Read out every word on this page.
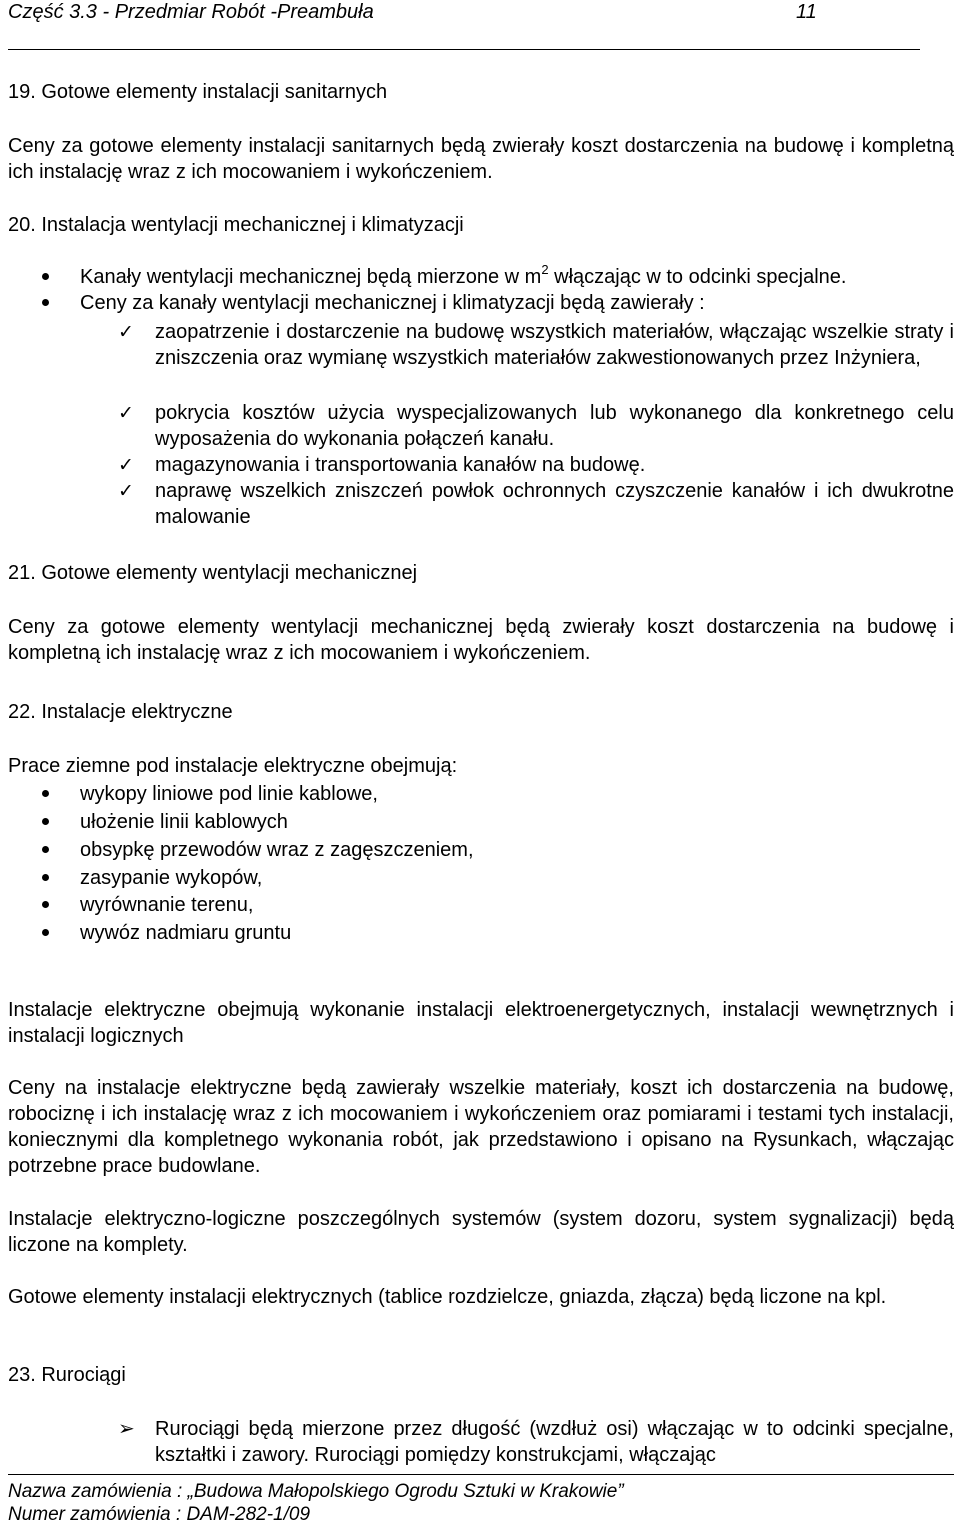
Część 3.3 - Przedmiar Robót -Preambuła	11
19. Gotowe elementy instalacji sanitarnych
Ceny za gotowe elementy instalacji sanitarnych będą zwierały koszt dostarczenia na budowę i kompletną ich instalację wraz z ich mocowaniem i wykończeniem.
20. Instalacja wentylacji mechanicznej i klimatyzacji
Kanały wentylacji mechanicznej będą mierzone w $m^2$ włączając w to odcinki specjalne.
Ceny za kanały wentylacji mechanicznej i klimatyzacji będą zawierały :
✓ zaopatrzenie i dostarczenie na budowę wszystkich materiałów, włączając wszelkie straty i zniszczenia oraz wymianę wszystkich materiałów zakwestionowanych przez Inżyniera,
✓ pokrycia kosztów użycia wyspecjalizowanych lub wykonanego dla konkretnego celu wyposażenia do wykonania połączeń kanału.
✓ magazynowania i transportowania kanałów na budowę.
✓ naprawę wszelkich zniszczeń powłok ochronnych czyszczenie kanałów i ich dwukrotne malowanie
21. Gotowe elementy wentylacji mechanicznej
Ceny za gotowe elementy wentylacji mechanicznej będą zwierały koszt dostarczenia na budowę i kompletną ich instalację wraz z ich mocowaniem i wykończeniem.
22. Instalacje elektryczne
Prace ziemne pod instalacje elektryczne obejmują:
wykopy liniowe pod linie kablowe,
ułożenie linii kablowych
obsypkę przewodów wraz z zagęszczeniem,
zasypanie wykopów,
wyrównanie terenu,
wywóz nadmiaru gruntu
Instalacje elektryczne obejmują wykonanie instalacji elektroenergetycznych, instalacji wewnętrznych i instalacji logicznych
Ceny na instalacje elektryczne będą zawierały wszelkie materiały, koszt ich dostarczenia na budowę, robociznę i ich instalację wraz z ich mocowaniem i wykończeniem oraz pomiarami i testami tych instalacji, koniecznymi dla kompletnego wykonania robót, jak przedstawiono i opisano na Rysunkach, włączając potrzebne prace budowlane.
Instalacje elektryczno-logiczne poszczególnych systemów (system dozoru, system sygnalizacji) będą liczone na komplety.
Gotowe elementy instalacji elektrycznych (tablice rozdzielcze, gniazda, złącza) będą liczone na kpl.
23. Rurociągi
➢ Rurociągi będą mierzone przez długość (wzdłuż osi) włączając w to odcinki specjalne, kształtki i zawory. Rurociągi pomiędzy konstrukcjami, włączając
Nazwa zamówienia : „Budowa Małopolskiego Ogrodu Sztuki w Krakowie”
Numer zamówienia : DAM-282-1/09
